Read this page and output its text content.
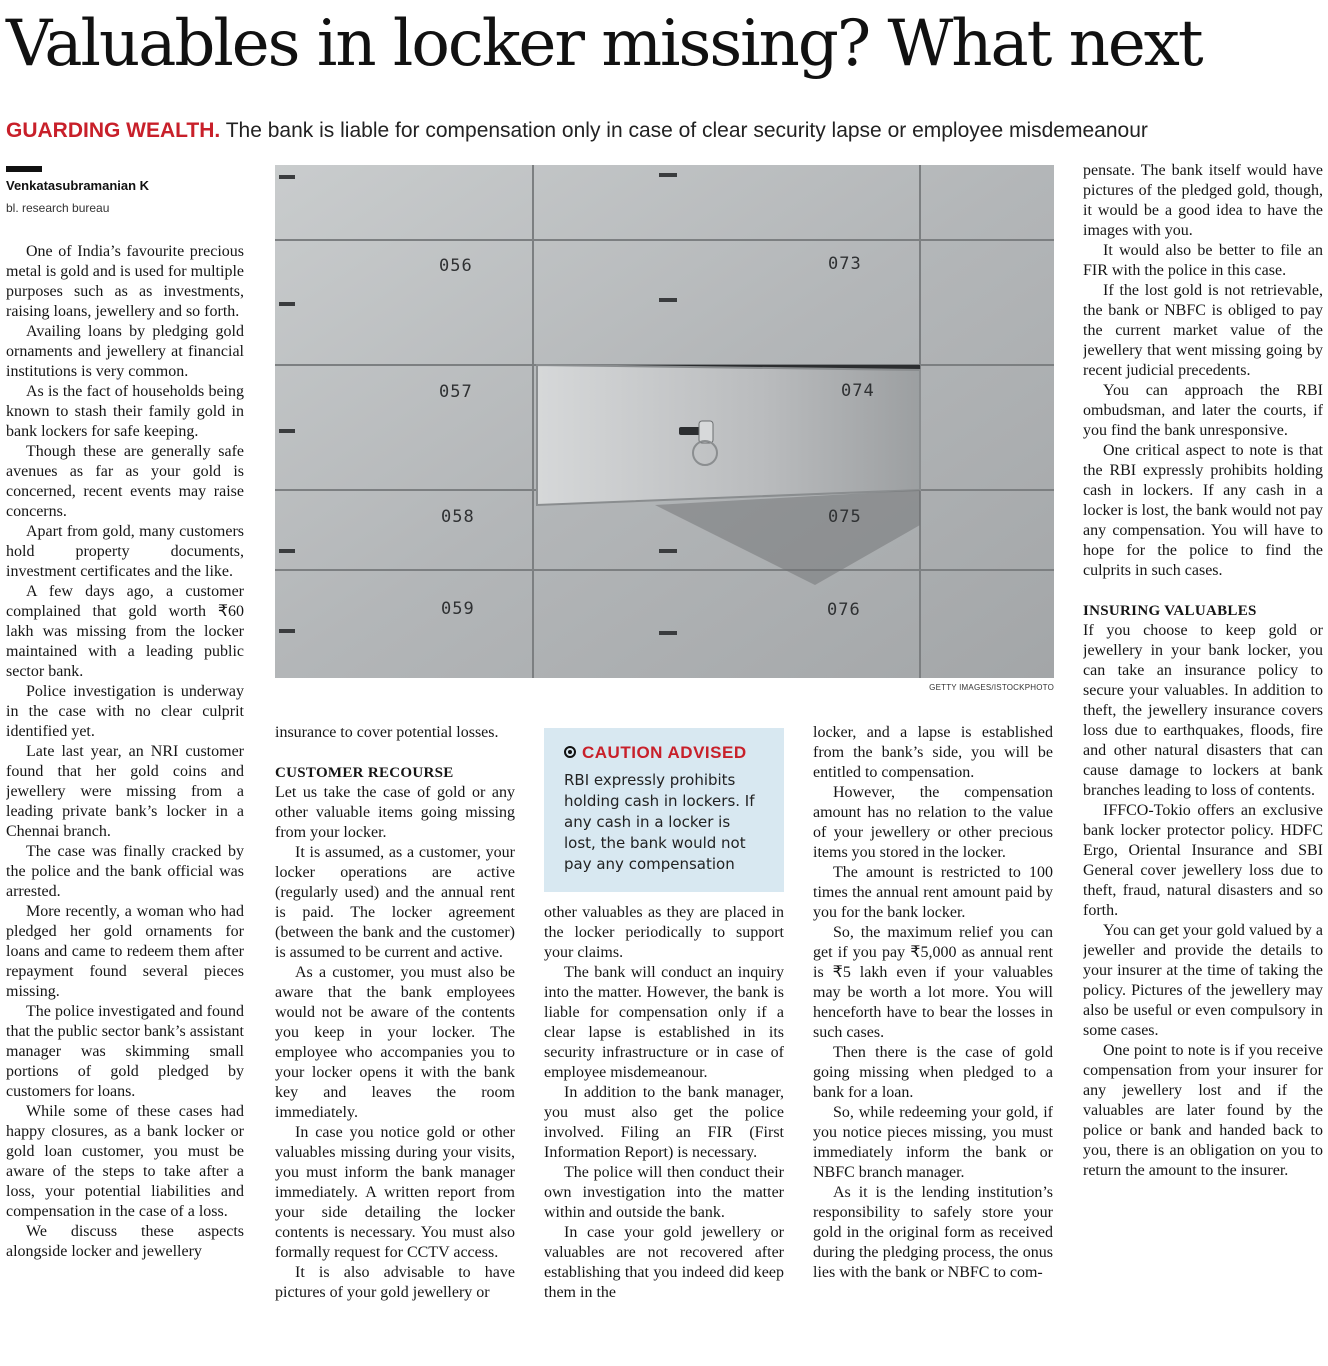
Valuables in locker missing? What next
GUARDING WEALTH. The bank is liable for compensation only in case of clear security lapse or employee misdemeanour
Venkatasubramanian K
bl. research bureau

One of India’s favourite precious metal is gold and is used for multiple purposes such as as investments, raising loans, jewellery and so forth.

Availing loans by pledging gold ornaments and jewellery at financial institutions is very common.

As is the fact of households being known to stash their family gold in bank lockers for safe keeping.

Though these are generally safe avenues as far as your gold is concerned, recent events may raise concerns.

Apart from gold, many customers hold property documents, investment certificates and the like.

A few days ago, a customer complained that gold worth ₹60 lakh was missing from the locker maintained with a leading public sector bank.

Police investigation is underway in the case with no clear culprit identified yet.

Late last year, an NRI customer found that her gold coins and jewellery were missing from a leading private bank’s locker in a Chennai branch.

The case was finally cracked by the police and the bank official was arrested.

More recently, a woman who had pledged her gold ornaments for loans and came to redeem them after repayment found several pieces missing.

The police investigated and found that the public sector bank’s assistant manager was skimming small portions of gold pledged by customers for loans.

While some of these cases had happy closures, as a bank locker or gold loan customer, you must be aware of the steps to take after a loss, your potential liabilities and compensation in the case of a loss.

We discuss these aspects alongside locker and jewellery

056	073
057	074
058	075
059	076
GETTY IMAGES/ISTOCKPHOTO

insurance to cover potential losses.

CUSTOMER RECOURSE

Let us take the case of gold or any other valuable items going missing from your locker.

It is assumed, as a customer, your locker operations are active (regularly used) and the annual rent is paid. The locker agreement (between the bank and the customer) is assumed to be current and active.

As a customer, you must also be aware that the bank employees would not be aware of the contents you keep in your locker. The employee who accompanies you to your locker opens it with the bank key and leaves the room immediately.

In case you notice gold or other valuables missing during your visits, you must inform the bank manager immediately. A written report from your side detailing the locker contents is necessary. You must also formally request for CCTV access.

It is also advisable to have pictures of your gold jewellery or

CAUTION ADVISED
RBI expressly prohibits holding cash in lockers. If any cash in a locker is lost, the bank would not pay any compensation

other valuables as they are placed in the locker periodically to support your claims.

The bank will conduct an inquiry into the matter. However, the bank is liable for compensation only if a clear lapse is established in its security infrastructure or in case of employee misdemeanour.

In addition to the bank manager, you must also get the police involved. Filing an FIR (First Information Report) is necessary.

The police will then conduct their own investigation into the matter within and outside the bank.

In case your gold jewellery or valuables are not recovered after establishing that you indeed did keep them in the

locker, and a lapse is established from the bank’s side, you will be entitled to compensation.

However, the compensation amount has no relation to the value of your jewellery or other precious items you stored in the locker.

The amount is restricted to 100 times the annual rent amount paid by you for the bank locker.

So, the maximum relief you can get if you pay ₹5,000 as annual rent is ₹5 lakh even if your valuables may be worth a lot more. You will henceforth have to bear the losses in such cases.

Then there is the case of gold going missing when pledged to a bank for a loan.

So, while redeeming your gold, if you notice pieces missing, you must immediately inform the bank or NBFC branch manager.

As it is the lending institution’s responsibility to safely store your gold in the original form as received during the pledging process, the onus lies with the bank or NBFC to com-

pensate. The bank itself would have pictures of the pledged gold, though, it would be a good idea to have the images with you.

It would also be better to file an FIR with the police in this case.

If the lost gold is not retrievable, the bank or NBFC is obliged to pay the current market value of the jewellery that went missing going by recent judicial precedents.

You can approach the RBI ombudsman, and later the courts, if you find the bank unresponsive.

One critical aspect to note is that the RBI expressly prohibits holding cash in lockers. If any cash in a locker is lost, the bank would not pay any compensation. You will have to hope for the police to find the culprits in such cases.

INSURING VALUABLES

If you choose to keep gold or jewellery in your bank locker, you can take an insurance policy to secure your valuables. In addition to theft, the jewellery insurance covers loss due to earthquakes, floods, fire and other natural disasters that can cause damage to lockers at bank branches leading to loss of contents.

IFFCO-Tokio offers an exclusive bank locker protector policy. HDFC Ergo, Oriental Insurance and SBI General cover jewellery loss due to theft, fraud, natural disasters and so forth.

You can get your gold valued by a jeweller and provide the details to your insurer at the time of taking the policy. Pictures of the jewellery may also be useful or even compulsory in some cases.

One point to note is if you receive compensation from your insurer for any jewellery lost and if the valuables are later found by the police or bank and handed back to you, there is an obligation on you to return the amount to the insurer.
